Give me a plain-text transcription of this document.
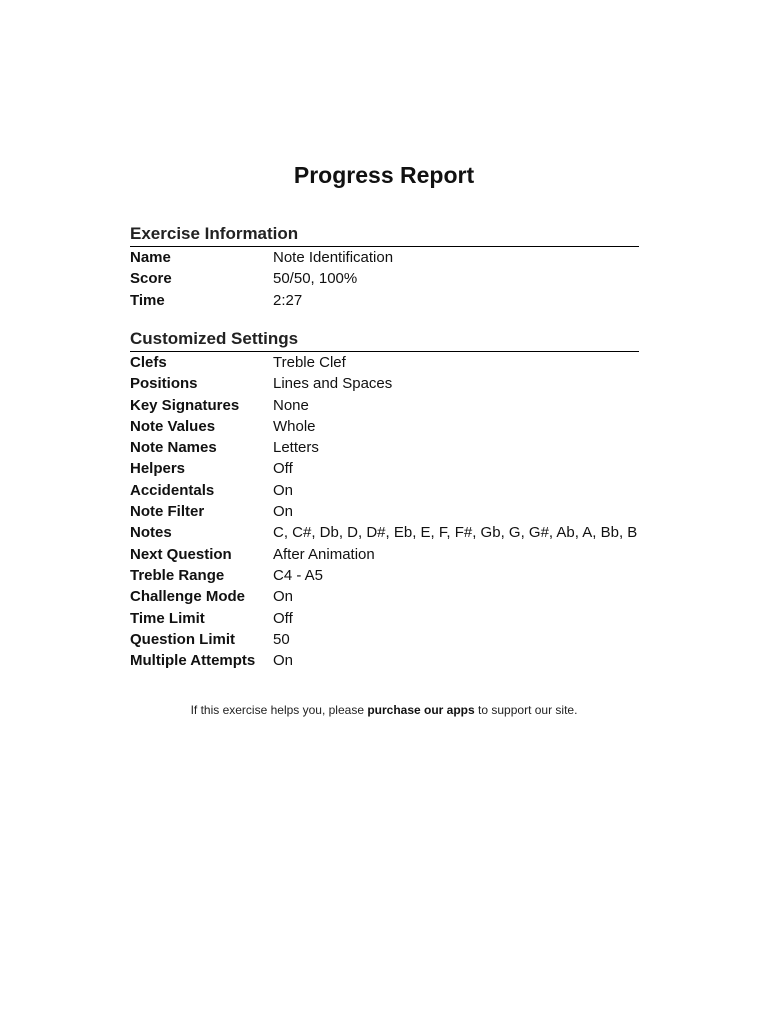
Progress Report
Exercise Information
Name	Note Identification
Score	50/50, 100%
Time	2:27
Customized Settings
Clefs	Treble Clef
Positions	Lines and Spaces
Key Signatures	None
Note Values	Whole
Note Names	Letters
Helpers	Off
Accidentals	On
Note Filter	On
Notes	C, C#, Db, D, D#, Eb, E, F, F#, Gb, G, G#, Ab, A, Bb, B
Next Question	After Animation
Treble Range	C4 - A5
Challenge Mode	On
Time Limit	Off
Question Limit	50
Multiple Attempts	On

If this exercise helps you, please purchase our apps to support our site.
